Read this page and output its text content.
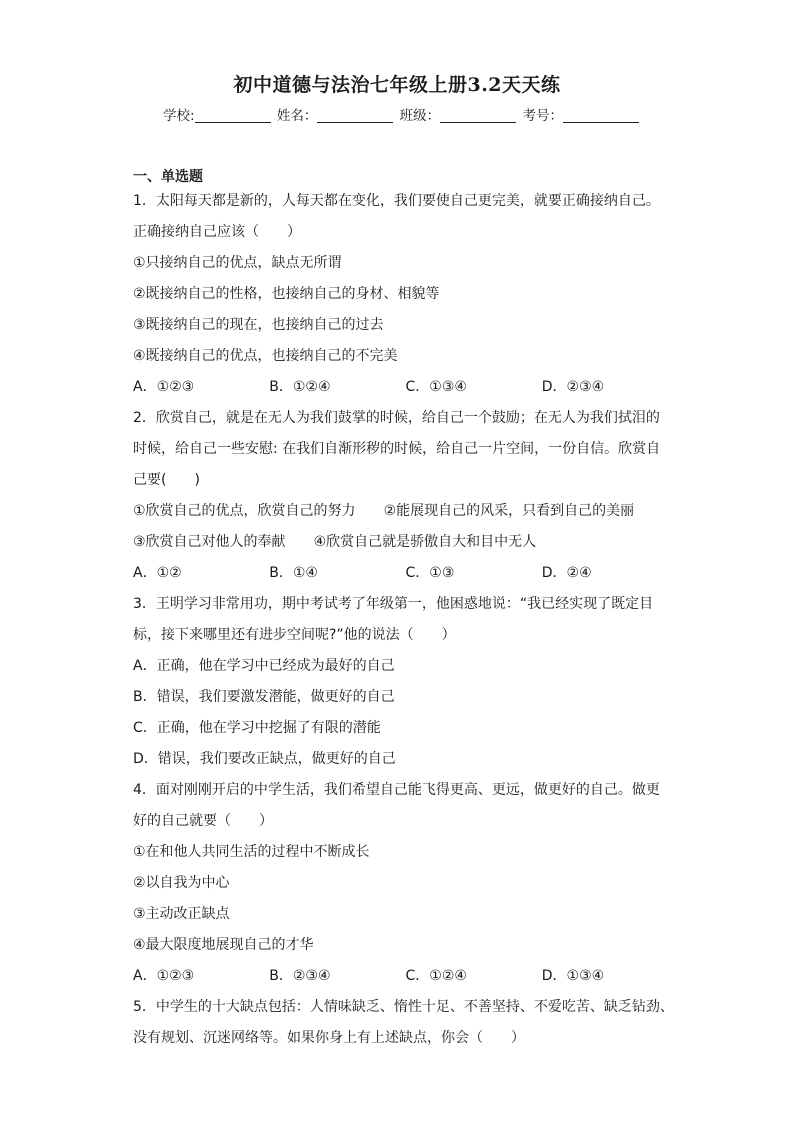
初中道德与法治七年级上册3.2天天练
学校:	姓名：	班级：	考号：
一、单选题
1．太阳每天都是新的，人每天都在变化，我们要使自己更完美，就要正确接纳自己。
正确接纳自己应该（　　）
①只接纳自己的优点，缺点无所谓
②既接纳自己的性格，也接纳自己的身材、相貌等
③既接纳自己的现在，也接纳自己的过去
④既接纳自己的优点，也接纳自己的不完美
A．①②③	B．①②④	C．①③④	D．②③④
2．欣赏自己，就是在无人为我们鼓掌的时候，给自己一个鼓励；在无人为我们拭泪的
时候，给自己一些安慰: 在我们自渐形秽的时候，给自己一片空间，一份自信。欣赏自
己要(　　)
①欣赏自己的优点，欣赏自己的努力 ②能展现自己的风采，只看到自己的美丽
③欣赏自己对他人的奉献 ④欣赏自己就是骄傲自大和目中无人
A．①②	B．①④	C．①③	D．②④
3．王明学习非常用功，期中考试考了年级第一，他困惑地说：“我已经实现了既定目
标，接下来哪里还有进步空间呢?”他的说法（　　）
A．正确，他在学习中已经成为最好的自己
B．错误，我们要激发潜能，做更好的自己
C．正确，他在学习中挖掘了有限的潜能
D．错误，我们要改正缺点，做更好的自己
4．面对刚刚开启的中学生活，我们希望自己能飞得更高、更远，做更好的自己。做更
好的自己就要（　　）
①在和他人共同生活的过程中不断成长
②以自我为中心
③主动改正缺点
④最大限度地展现自己的才华
A．①②③	B．②③④	C．①②④	D．①③④
5．中学生的十大缺点包括：人情味缺乏、惰性十足、不善坚持、不爱吃苦、缺乏钻劲、
没有规划、沉迷网络等。如果你身上有上述缺点，你会（　　）
